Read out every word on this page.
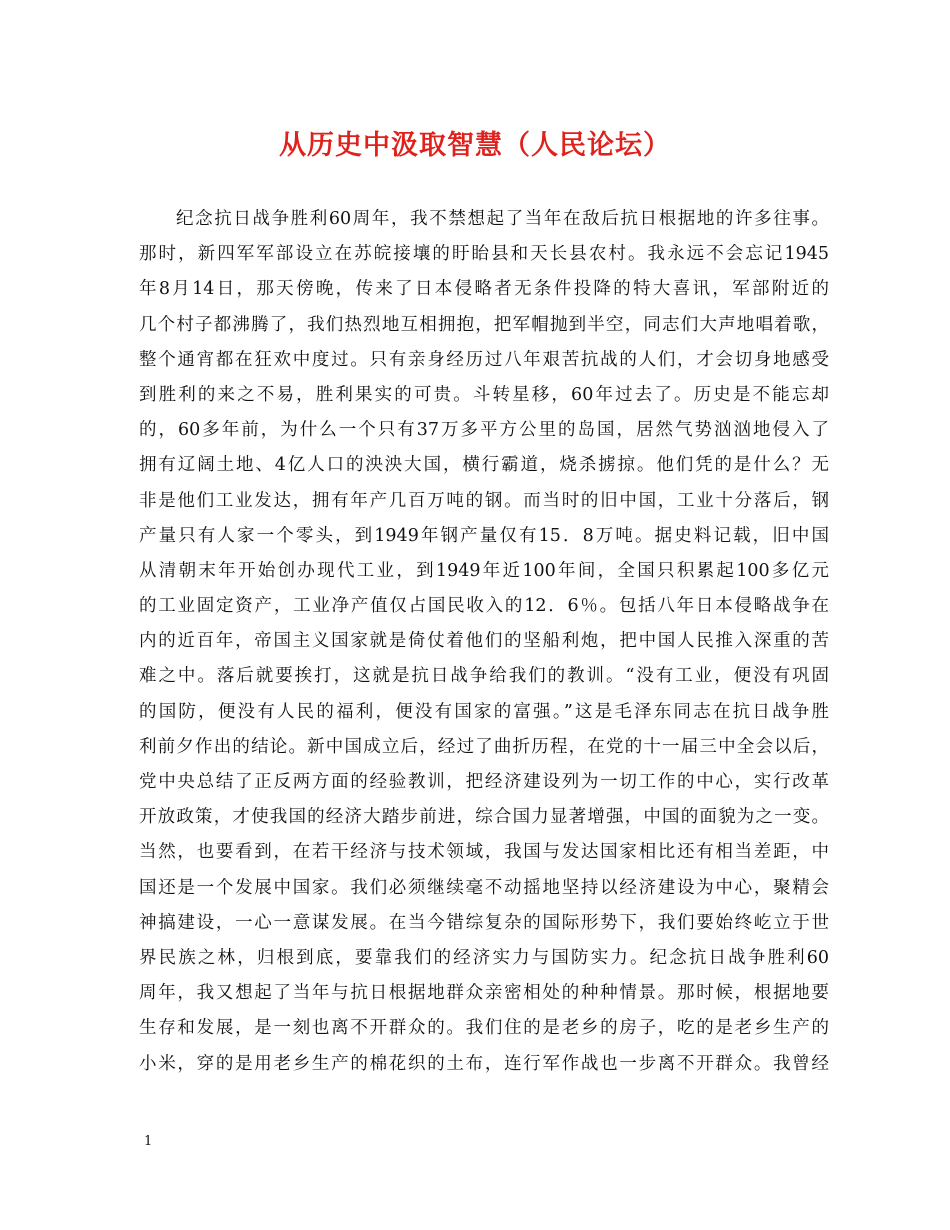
从历史中汲取智慧（人民论坛）
纪念抗日战争胜利60周年，我不禁想起了当年在敌后抗日根据地的许多往事。
那时，新四军军部设立在苏皖接壤的盱眙县和天长县农村。我永远不会忘记1945
年8月14日，那天傍晚，传来了日本侵略者无条件投降的特大喜讯，军部附近的
几个村子都沸腾了，我们热烈地互相拥抱，把军帽抛到半空，同志们大声地唱着歌，
整个通宵都在狂欢中度过。只有亲身经历过八年艰苦抗战的人们，才会切身地感受
到胜利的来之不易，胜利果实的可贵。斗转星移，60年过去了。历史是不能忘却
的，60多年前，为什么一个只有37万多平方公里的岛国，居然气势汹汹地侵入了
拥有辽阔土地、4亿人口的泱泱大国，横行霸道，烧杀掳掠。他们凭的是什么？无
非是他们工业发达，拥有年产几百万吨的钢。而当时的旧中国，工业十分落后，钢
产量只有人家一个零头，到1949年钢产量仅有15．8万吨。据史料记载，旧中国
从清朝末年开始创办现代工业，到1949年近100年间，全国只积累起100多亿元
的工业固定资产，工业净产值仅占国民收入的12．6％。包括八年日本侵略战争在
内的近百年，帝国主义国家就是倚仗着他们的坚船利炮，把中国人民推入深重的苦
难之中。落后就要挨打，这就是抗日战争给我们的教训。“没有工业，便没有巩固
的国防，便没有人民的福利，便没有国家的富强。”这是毛泽东同志在抗日战争胜
利前夕作出的结论。新中国成立后，经过了曲折历程，在党的十一届三中全会以后，
党中央总结了正反两方面的经验教训，把经济建设列为一切工作的中心，实行改革
开放政策，才使我国的经济大踏步前进，综合国力显著增强，中国的面貌为之一变。
当然，也要看到，在若干经济与技术领域，我国与发达国家相比还有相当差距，中
国还是一个发展中国家。我们必须继续毫不动摇地坚持以经济建设为中心，聚精会
神搞建设，一心一意谋发展。在当今错综复杂的国际形势下，我们要始终屹立于世
界民族之林，归根到底，要靠我们的经济实力与国防实力。纪念抗日战争胜利60
周年，我又想起了当年与抗日根据地群众亲密相处的种种情景。那时候，根据地要
生存和发展，是一刻也离不开群众的。我们住的是老乡的房子，吃的是老乡生产的
小米，穿的是用老乡生产的棉花织的土布，连行军作战也一步离不开群众。我曾经
1
